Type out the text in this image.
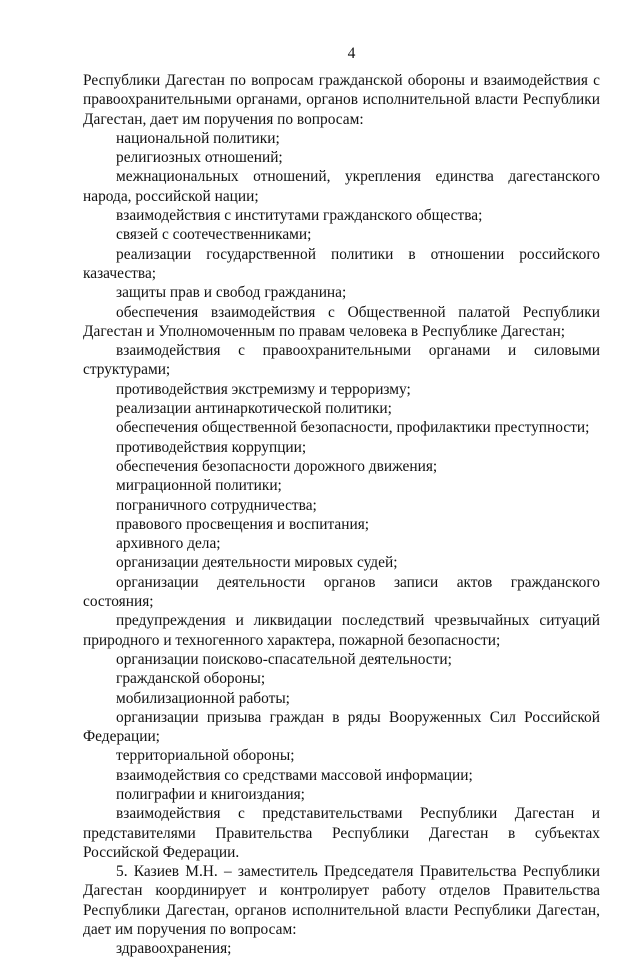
4

Республики Дагестан по вопросам гражданской обороны и взаимодействия с правоохранительными органами, органов исполнительной власти Республики Дагестан, дает им поручения по вопросам:

национальной политики;

религиозных отношений;

межнациональных отношений, укрепления единства дагестанского народа, российской нации;

взаимодействия с институтами гражданского общества;

связей с соотечественниками;

реализации государственной политики в отношении российского казачества;

защиты прав и свобод гражданина;

обеспечения взаимодействия с Общественной палатой Республики Дагестан и Уполномоченным по правам человека в Республике Дагестан;

взаимодействия с правоохранительными органами и силовыми структурами;

противодействия экстремизму и терроризму;

реализации антинаркотической политики;

обеспечения общественной безопасности, профилактики преступности;

противодействия коррупции;

обеспечения безопасности дорожного движения;

миграционной политики;

пограничного сотрудничества;

правового просвещения и воспитания;

архивного дела;

организации деятельности мировых судей;

организации деятельности органов записи актов гражданского состояния;

предупреждения и ликвидации последствий чрезвычайных ситуаций природного и техногенного характера, пожарной безопасности;

организации поисково-спасательной деятельности;

гражданской обороны;

мобилизационной работы;

организации призыва граждан в ряды Вооруженных Сил Российской Федерации;

территориальной обороны;

взаимодействия со средствами массовой информации;

полиграфии и книгоиздания;

взаимодействия с представительствами Республики Дагестан и представителями Правительства Республики Дагестан в субъектах Российской Федерации.

5. Казиев М.Н. – заместитель Председателя Правительства Республики Дагестан координирует и контролирует работу отделов Правительства Республики Дагестан, органов исполнительной власти Республики Дагестан, дает им поручения по вопросам:

здравоохранения;
